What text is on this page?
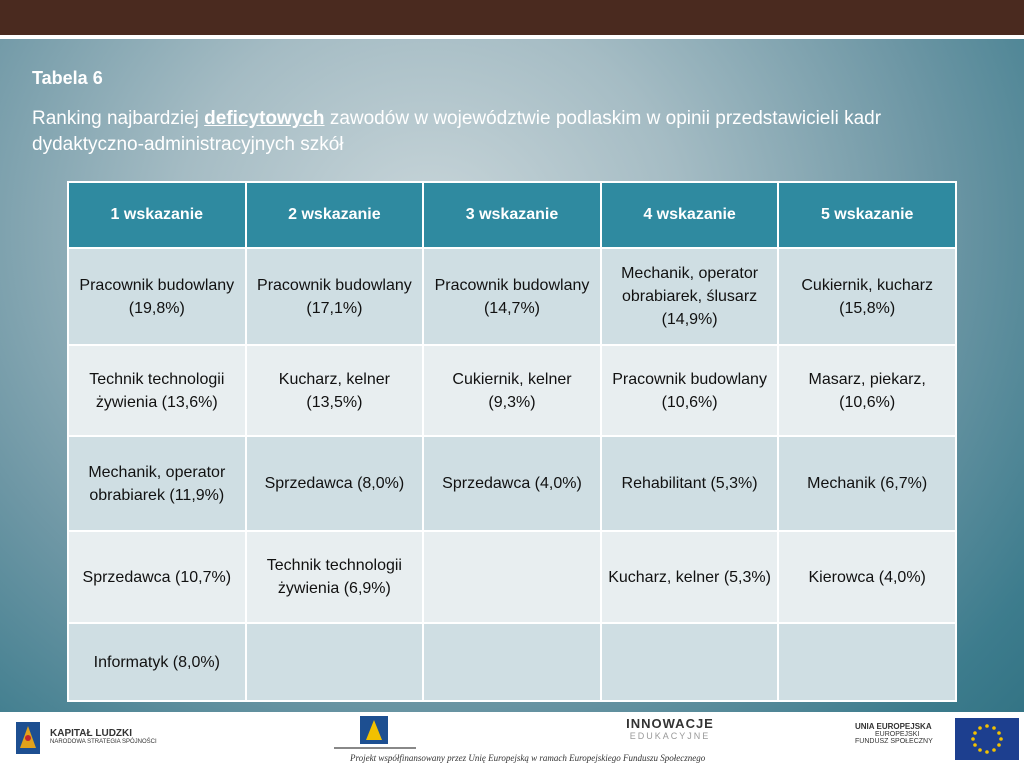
Tabela 6
Ranking najbardziej deficytowych zawodów w województwie podlaskim w opinii przedstawicieli kadr dydaktyczno-administracyjnych szkół
1 wskazanie	2 wskazanie	3 wskazanie	4 wskazanie	5 wskazanie
Pracownik budowlany (19,8%)	Pracownik budowlany (17,1%)	Pracownik budowlany (14,7%)	Mechanik, operator obrabiarek, ślusarz (14,9%)	Cukiernik, kucharz (15,8%)
Technik technologii żywienia (13,6%)	Kucharz, kelner (13,5%)	Cukiernik, kelner (9,3%)	Pracownik budowlany (10,6%)	Masarz, piekarz, (10,6%)
Mechanik, operator obrabiarek (11,9%)	Sprzedawca (8,0%)	Sprzedawca (4,0%)	Rehabilitant (5,3%)	Mechanik (6,7%)
Sprzedawca (10,7%)	Technik technologii żywienia (6,9%)		Kucharz, kelner (5,3%)	Kierowca (4,0%)
Informatyk (8,0%)				
KAPITAŁ LUDZKI
NARODOWA STRATEGIA SPÓJNOŚCI
INNOWACJE
EDUKACYJNE
UNIA EUROPEJSKA
EUROPEJSKI
FUNDUSZ SPOŁECZNY
Projekt współfinansowany przez Unię Europejską w ramach Europejskiego Funduszu Społecznego
